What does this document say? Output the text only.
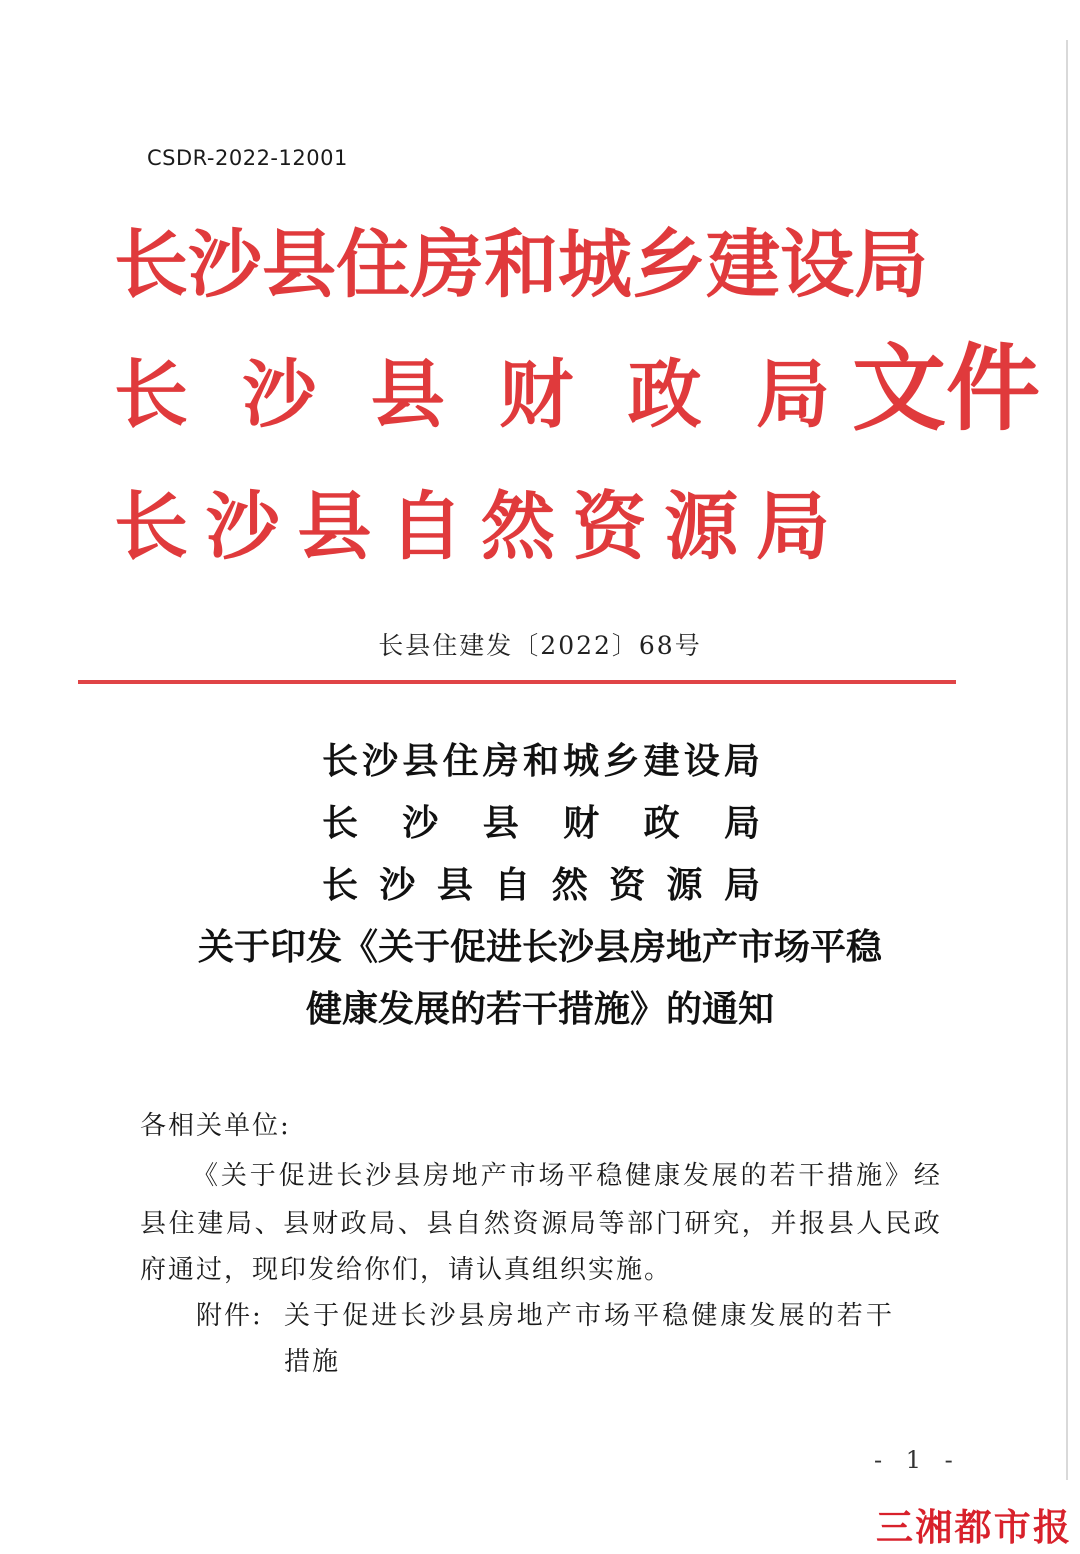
CSDR-2022-12001
长 沙 县 住 房 和 城 乡 建 设 局
长 沙 县 财 政 局
长 沙 县 自 然 资 源 局
文 件
长县住建发〔2022〕68号
长 沙 县 住 房 和 城 乡 建 设 局
长 沙 县 财 政 局
长 沙 县 自 然 资 源 局
关于印发《关于促进长沙县房地产市场平稳
健康发展的若干措施》的通知
各相关单位:
《 关 于 促 进 长 沙 县 房 地 产 市 场 平 稳 健 康 发 展 的 若 干 措 施 》 经
县 住 建 局 、 县 财 政 局 、 县 自 然 资 源 局 等 部 门 研 究 ， 并 报 县 人 民 政
府通过，现印发给你们，请认真组织实施。
附件: 关 于 促 进 长 沙 县 房 地 产 市 场 平 稳 健 康 发 展 的 若 干
措施
- 1 -
三 湘 都 市 报
